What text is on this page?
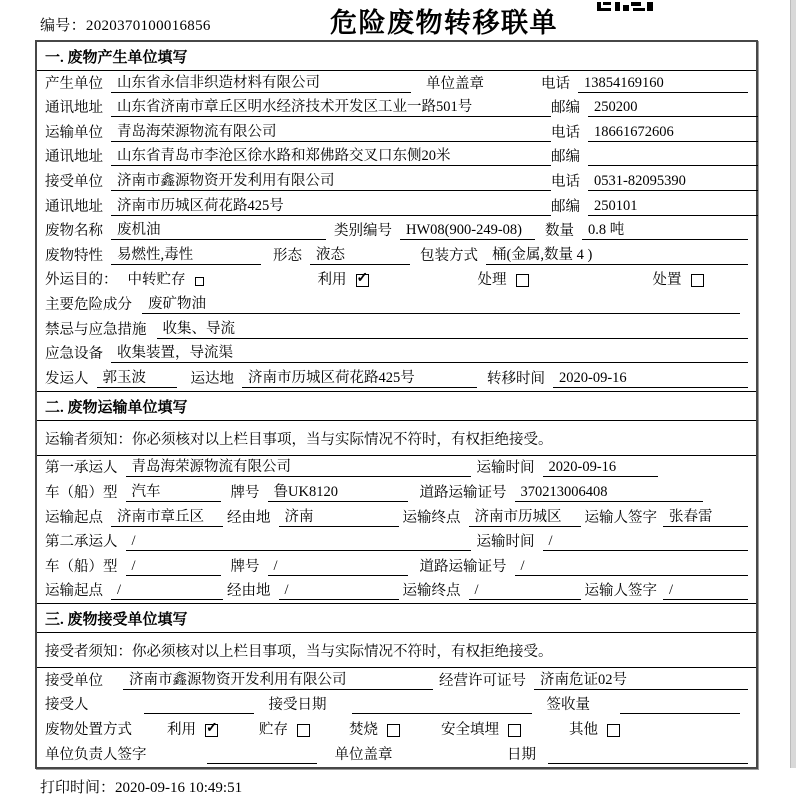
编号：2020370100016856	危险废物转移联单
一. 废物产生单位填写
产生单位 山东省永信非织造材料有限公司	单位盖章	电话 13854169160
通讯地址 山东省济南市章丘区明水经济技术开发区工业一路501号	邮编 250200
运输单位 青岛海荣源物流有限公司	电话 18661672606
通讯地址 山东省青岛市李沧区徐水路和郑佛路交叉口东侧20米	邮编
接受单位 济南市鑫源物资开发利用有限公司	电话 0531-82095390
通讯地址 济南市历城区荷花路425号	邮编 250101
废物名称 废机油	类别编号 HW08(900-249-08)	数量 0.8 吨
废物特性 易燃性,毒性	形态 液态	包装方式 桶(金属,数量 4 )
外运目的： 中转贮存	利用 ✓	处理	处置
主要危险成分	废矿物油
禁忌与应急措施	收集、导流
应急设备 收集装置，导流渠
发运人 郭玉波	运达地 济南市历城区荷花路425号	转移时间 2020-09-16
二. 废物运输单位填写
运输者须知：你必须核对以上栏目事项，当与实际情况不符时，有权拒绝接受。
第一承运人 青岛海荣源物流有限公司	运输时间 2020-09-16
车（船）型 汽车	牌号 鲁UK8120	道路运输证号 370213006408
运输起点 济南市章丘区	经由地 济南	运输终点 济南市历城区	运输人签字 张春雷
第二承运人 /	运输时间 /
车（船）型 /	牌号 /	道路运输证号 /
运输起点 /	经由地 /	运输终点 /	运输人签字 /
三. 废物接受单位填写
接受者须知：你必须核对以上栏目事项，当与实际情况不符时，有权拒绝接受。
接受单位	济南市鑫源物资开发利用有限公司	经营许可证号 济南危证02号
接受人	接受日期	签收量
废物处置方式 利用 ✓	贮存	焚烧	安全填埋	其他
单位负责人签字	单位盖章	日期
打印时间：2020-09-16 10:49:51
